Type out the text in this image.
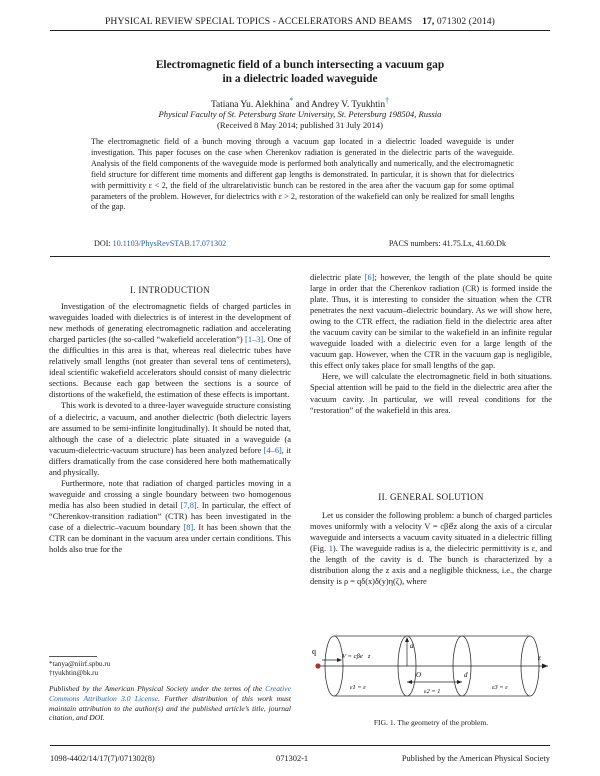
PHYSICAL REVIEW SPECIAL TOPICS - ACCELERATORS AND BEAMS 17, 071302 (2014)
Electromagnetic field of a bunch intersecting a vacuum gap
in a dielectric loaded waveguide
Tatiana Yu. Alekhina* and Andrey V. Tyukhtin†
Physical Faculty of St. Petersburg State University, St. Petersburg 198504, Russia
(Received 8 May 2014; published 31 July 2014)
The electromagnetic field of a bunch moving through a vacuum gap located in a dielectric loaded waveguide is under investigation. This paper focuses on the case when Cherenkov radiation is generated in the dielectric parts of the waveguide. Analysis of the field components of the waveguide mode is performed both analytically and numerically, and the electromagnetic field structure for different time moments and different gap lengths is demonstrated. In particular, it is shown that for dielectrics with permittivity ε < 2, the field of the ultrarelativistic bunch can be restored in the area after the vacuum gap for some optimal parameters of the problem. However, for dielectrics with ε > 2, restoration of the wakefield can only be realized for small lengths of the gap.
DOI: 10.1103/PhysRevSTAB.17.071302	PACS numbers: 41.75.Lx, 41.60.Dk
I. INTRODUCTION

Investigation of the electromagnetic fields of charged particles in waveguides loaded with dielectrics is of interest in the development of new methods of generating electromagnetic radiation and accelerating charged particles (the so-called “wakefield acceleration”) [1–3]. One of the difficulties in this area is that, whereas real dielectric tubes have relatively small lengths (not greater than several tens of centimeters), ideal scientific wakefield accelerators should consist of many dielectric sections. Because each gap between the sections is a source of distortions of the wakefield, the estimation of these effects is important.

This work is devoted to a three-layer waveguide structure consisting of a dielectric, a vacuum, and another dielectric (both dielectric layers are assumed to be semi-infinite longitudinally). It should be noted that, although the case of a dielectric plate situated in a waveguide (a vacuum-dielectric-vacuum structure) has been analyzed before [4–6], it differs dramatically from the case considered here both mathematically and physically.

Furthermore, note that radiation of charged particles moving in a waveguide and crossing a single boundary between two homogenous media has also been studied in detail [7,8]. In particular, the effect of “Cherenkov-transition radiation” (CTR) has been investigated in the case of a dielectric–vacuum boundary [8]. It has been shown that the CTR can be dominant in the vacuum area under certain conditions. This holds also true for the

*tanya@niirf.spbu.ru
†tyukhtin@bk.ru
Published by the American Physical Society under the terms of the Creative Commons Attribution 3.0 License. Further distribution of this work must maintain attribution to the author(s) and the published article’s title, journal citation, and DOI.

dielectric plate [6]; however, the length of the plate should be quite large in order that the Cherenkov radiation (CR) is formed inside the plate. Thus, it is interesting to consider the situation when the CTR penetrates the next vacuum–dielectric boundary. As we will show here, owing to the CTR effect, the radiation field in the dielectric area after the vacuum cavity can be similar to the wakefield in an infinite regular waveguide loaded with a dielectric even for a large length of the vacuum gap. However, when the CTR in the vacuum gap is negligible, this effect only takes place for small lengths of the gap.

Here, we will calculate the electromagnetic field in both situations. Special attention will be paid to the field in the dielectric area after the vacuum cavity. In particular, we will reveal conditions for the “restoration” of the wakefield in this area.

II. GENERAL SOLUTION

Let us consider the following problem: a bunch of charged particles moves uniformly with a velocity V = cβe⃗z along the axis of a circular waveguide and intersects a vacuum cavity situated in a dielectric filling (Fig. 1). The waveguide radius is a, the dielectric permittivity is ε, and the length of the cavity is d. The bunch is characterized by a distribution along the z axis and a negligible thickness, i.e., the charge density is ρ = qδ(x)δ(y)η(ζ), where

q
V = cβe⃗z
a
O	d
z
ε1 = ε
ε2 = 1
ε3 = ε
FIG. 1. The geometry of the problem.
1098-4402/14/17(7)/071302(8)	071302-1	Published by the American Physical Society
